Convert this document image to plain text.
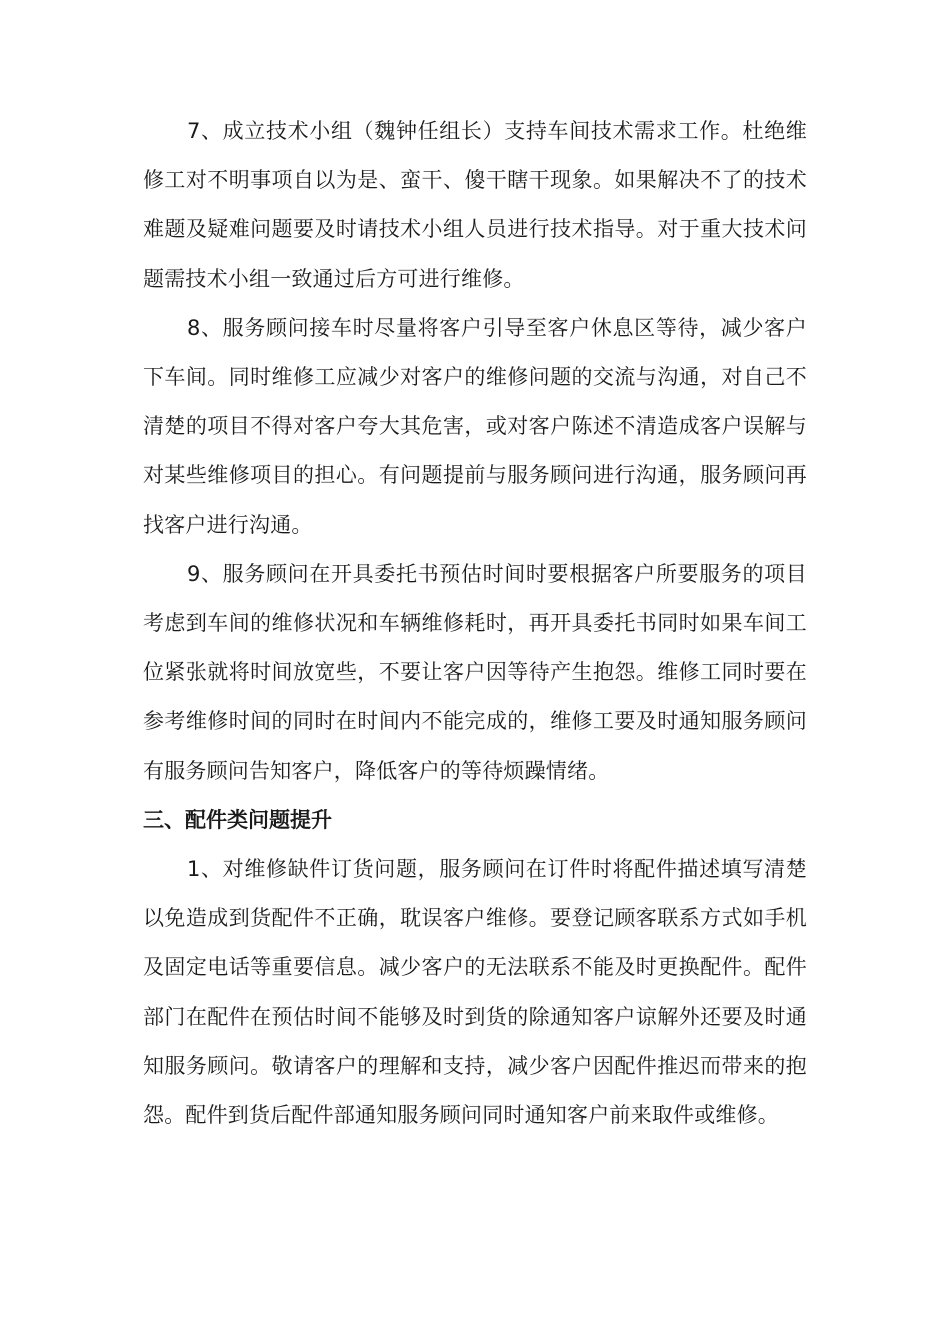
7、成立技术小组（魏钟任组长）支持车间技术需求工作。杜绝维修工对不明事项自以为是、蛮干、傻干瞎干现象。如果解决不了的技术难题及疑难问题要及时请技术小组人员进行技术指导。对于重大技术问题需技术小组一致通过后方可进行维修。

8、服务顾问接车时尽量将客户引导至客户休息区等待，减少客户下车间。同时维修工应减少对客户的维修问题的交流与沟通，对自己不清楚的项目不得对客户夸大其危害，或对客户陈述不清造成客户误解与对某些维修项目的担心。有问题提前与服务顾问进行沟通，服务顾问再找客户进行沟通。

9、服务顾问在开具委托书预估时间时要根据客户所要服务的项目考虑到车间的维修状况和车辆维修耗时，再开具委托书同时如果车间工位紧张就将时间放宽些，不要让客户因等待产生抱怨。维修工同时要在参考维修时间的同时在时间内不能完成的，维修工要及时通知服务顾问有服务顾问告知客户，降低客户的等待烦躁情绪。

三、配件类问题提升

1、对维修缺件订货问题，服务顾问在订件时将配件描述填写清楚以免造成到货配件不正确，耽误客户维修。要登记顾客联系方式如手机及固定电话等重要信息。减少客户的无法联系不能及时更换配件。配件部门在配件在预估时间不能够及时到货的除通知客户谅解外还要及时通知服务顾问。敬请客户的理解和支持，减少客户因配件推迟而带来的抱怨。配件到货后配件部通知服务顾问同时通知客户前来取件或维修。
